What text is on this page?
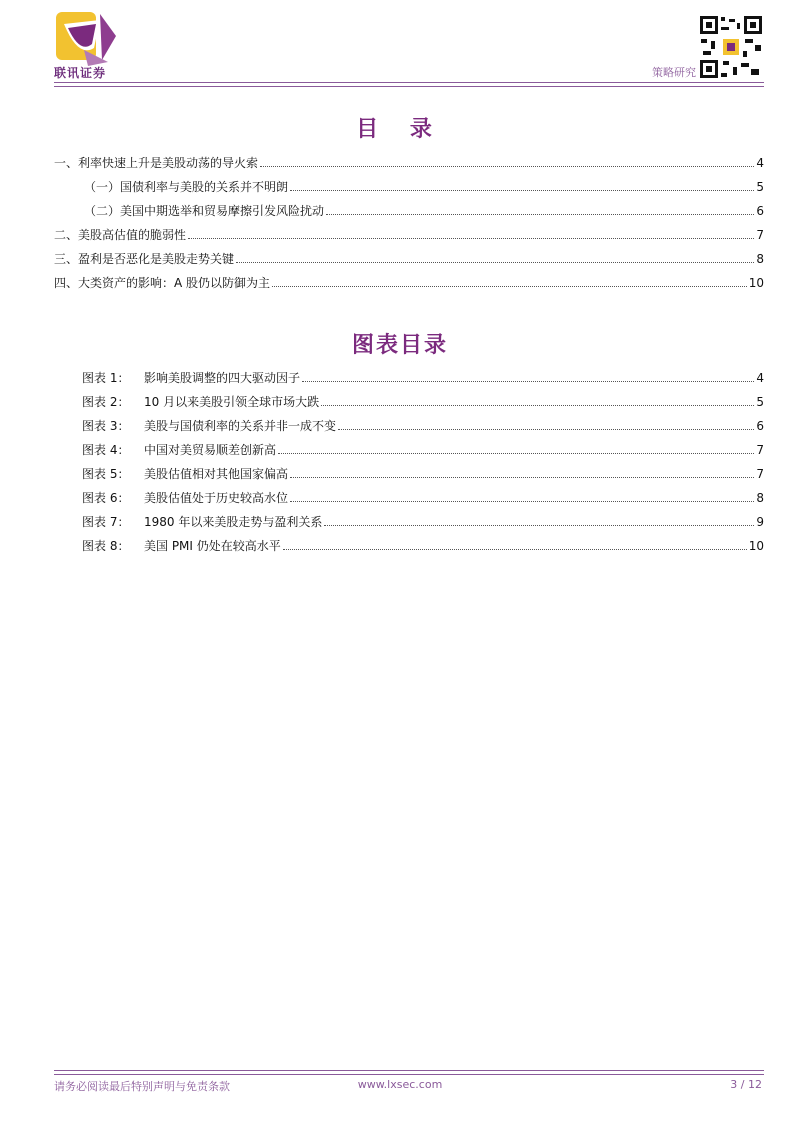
联讯证券	策略研究
目 录
一、利率快速上升是美股动荡的导火索	4
（一）国债利率与美股的关系并不明朗	5
（二）美国中期选举和贸易摩擦引发风险扰动	6
二、美股高估值的脆弱性	7
三、盈利是否恶化是美股走势关键	8
四、大类资产的影响：A 股仍以防御为主	10
图表目录
图表 1： 影响美股调整的四大驱动因子	4
图表 2： 10 月以来美股引领全球市场大跌	5
图表 3： 美股与国债利率的关系并非一成不变	6
图表 4： 中国对美贸易顺差创新高	7
图表 5： 美股估值相对其他国家偏高	7
图表 6： 美股估值处于历史较高水位	8
图表 7： 1980 年以来美股走势与盈利关系	9
图表 8： 美国 PMI 仍处在较高水平	10
请务必阅读最后特别声明与免责条款	www.lxsec.com	3 / 12
